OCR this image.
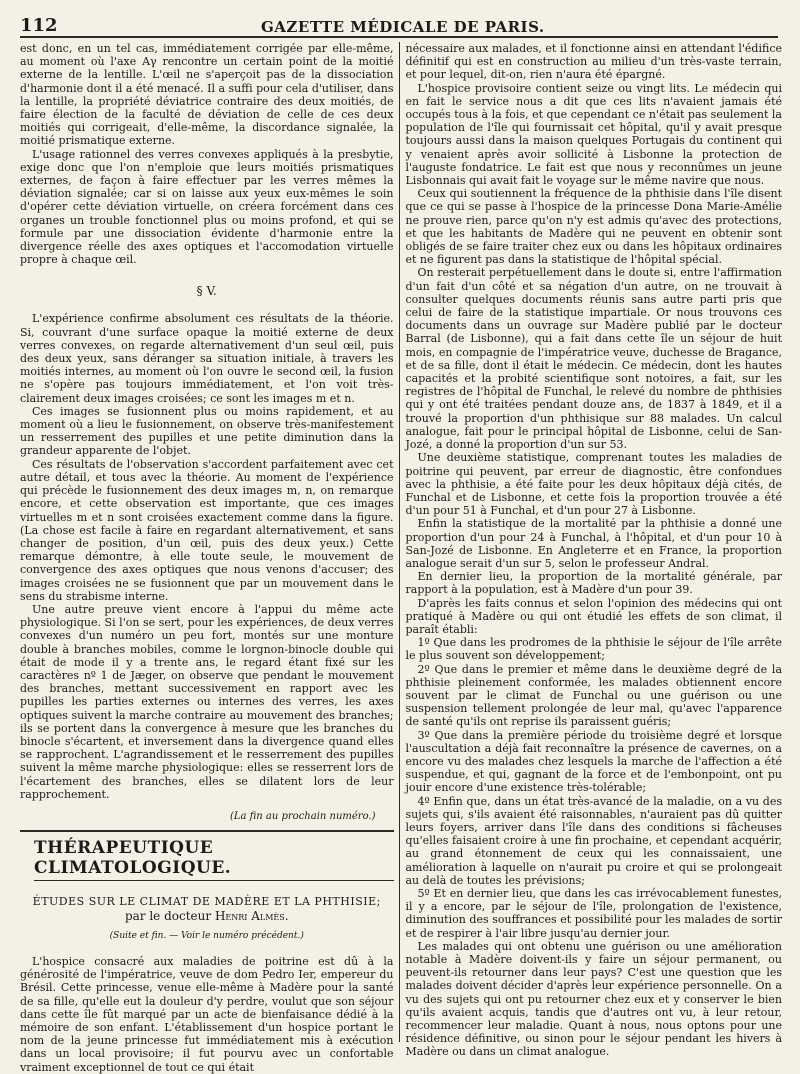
112	GAZETTE MÉDICALE DE PARIS.

est donc, en un tel cas, immédiatement corrigée par elle-même, au moment où l'axe Aγ rencontre un certain point de la moitié externe de la lentille. L'œil ne s'aperçoit pas de la dissociation d'harmonie dont il a été menacé. Il a suffi pour cela d'utiliser, dans la lentille, la propriété déviatrice contraire des deux moitiés, de faire élection de la faculté de déviation de celle de ces deux moitiés qui corrigeait, d'elle-même, la discordance signalée, la moitié prismatique externe.

L'usage rationnel des verres convexes appliqués à la presbytie, exige donc que l'on n'emploie que leurs moitiés prismatiques externes, de façon à faire effectuer par les verres mêmes la déviation signalée; car si on laisse aux yeux eux-mêmes le soin d'opérer cette déviation virtuelle, on créera forcément dans ces organes un trouble fonctionnel plus ou moins profond, et qui se formule par une dissociation évidente d'harmonie entre la divergence réelle des axes optiques et l'accomodation virtuelle propre à chaque œil.

§ V.

L'expérience confirme absolument ces résultats de la théorie. Si, couvrant d'une surface opaque la moitié externe de deux verres convexes, on regarde alternativement d'un seul œil, puis des deux yeux, sans déranger sa situation initiale, à travers les moitiés internes, au moment où l'on ouvre le second œil, la fusion ne s'opère pas toujours immédiatement, et l'on voit très-clairement deux images croisées; ce sont les images m et n.

Ces images se fusionnent plus ou moins rapidement, et au moment où a lieu le fusionnement, on observe très-manifestement un resserrement des pupilles et une petite diminution dans la grandeur apparente de l'objet.

Ces résultats de l'observation s'accordent parfaitement avec cet autre détail, et tous avec la théorie. Au moment de l'expérience qui précède le fusionnement des deux images m, n, on remarque encore, et cette observation est importante, que ces images virtuelles m et n sont croisées exactement comme dans la figure. (La chose est facile à faire en regardant alternativement, et sans changer de position, d'un œil, puis des deux yeux.) Cette remarque démontre, à elle toute seule, le mouvement de convergence des axes optiques que nous venons d'accuser; des images croisées ne se fusionnent que par un mouvement dans le sens du strabisme interne.

Une autre preuve vient encore à l'appui du même acte physiologique. Si l'on se sert, pour les expériences, de deux verres convexes d'un numéro un peu fort, montés sur une monture double à branches mobiles, comme le lorgnon-binocle double qui était de mode il y a trente ans, le regard étant fixé sur les caractères nº 1 de Jæger, on observe que pendant le mouvement des branches, mettant successivement en rapport avec les pupilles les parties externes ou internes des verres, les axes optiques suivent la marche contraire au mouvement des branches; ils se portent dans la convergence à mesure que les branches du binocle s'écartent, et inversement dans la divergence quand elles se rapprochent. L'agrandissement et le resserrement des pupilles suivent la même marche physiologique: elles se resserrent lors de l'écartement des branches, elles se dilatent lors de leur rapprochement.

(La fin au prochain numéro.)
THÉRAPEUTIQUE CLIMATOLOGIQUE.
ÉTUDES SUR LE CLIMAT DE MADÈRE ET LA PHTHISIE;
par le docteur Henri Almès.
(Suite et fin. — Voir le numéro précédent.)

L'hospice consacré aux maladies de poitrine est dû à la générosité de l'impératrice, veuve de dom Pedro Ier, empereur du Brésil. Cette princesse, venue elle-même à Madère pour la santé de sa fille, qu'elle eut la douleur d'y perdre, voulut que son séjour dans cette île fût marqué par un acte de bienfaisance dédié à la mémoire de son enfant. L'établissement d'un hospice portant le nom de la jeune princesse fut immédiatement mis à exécution dans un local provisoire; il fut pourvu avec un confortable vraiment exceptionnel de tout ce qui était

nécessaire aux malades, et il fonctionne ainsi en attendant l'édifice définitif qui est en construction au milieu d'un très-vaste terrain, et pour lequel, dit-on, rien n'aura été épargné.

L'hospice provisoire contient seize ou vingt lits. Le médecin qui en fait le service nous a dit que ces lits n'avaient jamais été occupés tous à la fois, et que cependant ce n'était pas seulement la population de l'île qui fournissait cet hôpital, qu'il y avait presque toujours aussi dans la maison quelques Portugais du continent qui y venaient après avoir sollicité à Lisbonne la protection de l'auguste fondatrice. Le fait est que nous y reconnûmes un jeune Lisbonnais qui avait fait le voyage sur le même navire que nous.

Ceux qui soutiennent la fréquence de la phthisie dans l'île disent que ce qui se passe à l'hospice de la princesse Dona Marie-Amélie ne prouve rien, parce qu'on n'y est admis qu'avec des protections, et que les habitants de Madère qui ne peuvent en obtenir sont obligés de se faire traiter chez eux ou dans les hôpitaux ordinaires et ne figurent pas dans la statistique de l'hôpital spécial.

On resterait perpétuellement dans le doute si, entre l'affirmation d'un fait d'un côté et sa négation d'un autre, on ne trouvait à consulter quelques documents réunis sans autre parti pris que celui de faire de la statistique impartiale. Or nous trouvons ces documents dans un ouvrage sur Madère publié par le docteur Barral (de Lisbonne), qui a fait dans cette île un séjour de huit mois, en compagnie de l'impératrice veuve, duchesse de Bragance, et de sa fille, dont il était le médecin. Ce médecin, dont les hautes capacités et la probité scientifique sont notoires, a fait, sur les registres de l'hôpital de Funchal, le relevé du nombre de phthisies qui y ont été traitées pendant douze ans, de 1837 à 1849, et il a trouvé la proportion d'un phthisique sur 88 malades. Un calcul analogue, fait pour le principal hôpital de Lisbonne, celui de San-Jozé, a donné la proportion d'un sur 53.

Une deuxième statistique, comprenant toutes les maladies de poitrine qui peuvent, par erreur de diagnostic, être confondues avec la phthisie, a été faite pour les deux hôpitaux déjà cités, de Funchal et de Lisbonne, et cette fois la proportion trouvée a été d'un pour 51 à Funchal, et d'un pour 27 à Lisbonne.

Enfin la statistique de la mortalité par la phthisie a donné une proportion d'un pour 24 à Funchal, à l'hôpital, et d'un pour 10 à San-Jozé de Lisbonne. En Angleterre et en France, la proportion analogue serait d'un sur 5, selon le professeur Andral.

En dernier lieu, la proportion de la mortalité générale, par rapport à la population, est à Madère d'un pour 39.

D'après les faits connus et selon l'opinion des médecins qui ont pratiqué à Madère ou qui ont étudié les effets de son climat, il paraît établi:

1º Que dans les prodromes de la phthisie le séjour de l'île arrête le plus souvent son développement;

2º Que dans le premier et même dans le deuxième degré de la phthisie pleinement conformée, les malades obtiennent encore souvent par le climat de Funchal ou une guérison ou une suspension tellement prolongée de leur mal, qu'avec l'apparence de santé qu'ils ont reprise ils paraissent guéris;

3º Que dans la première période du troisième degré et lorsque l'auscultation a déjà fait reconnaître la présence de cavernes, on a encore vu des malades chez lesquels la marche de l'affection a été suspendue, et qui, gagnant de la force et de l'embonpoint, ont pu jouir encore d'une existence très-tolérable;

4º Enfin que, dans un état très-avancé de la maladie, on a vu des sujets qui, s'ils avaient été raisonnables, n'auraient pas dû quitter leurs foyers, arriver dans l'île dans des conditions si fâcheuses qu'elles faisaient croire à une fin prochaine, et cependant acquérir, au grand étonnement de ceux qui les connaissaient, une amélioration à laquelle on n'aurait pu croire et qui se prolongeait au delà de toutes les prévisions;

5º Et en dernier lieu, que dans les cas irrévocablement funestes, il y a encore, par le séjour de l'île, prolongation de l'existence, diminution des souffrances et possibilité pour les malades de sortir et de respirer à l'air libre jusqu'au dernier jour.

Les malades qui ont obtenu une guérison ou une amélioration notable à Madère doivent-ils y faire un séjour permanent, ou peuvent-ils retourner dans leur pays? C'est une question que les malades doivent décider d'après leur expérience personnelle. On a vu des sujets qui ont pu retourner chez eux et y conserver le bien qu'ils avaient acquis, tandis que d'autres ont vu, à leur retour, recommencer leur maladie. Quant à nous, nous optons pour une résidence définitive, ou sinon pour le séjour pendant les hivers à Madère ou dans un climat analogue.
